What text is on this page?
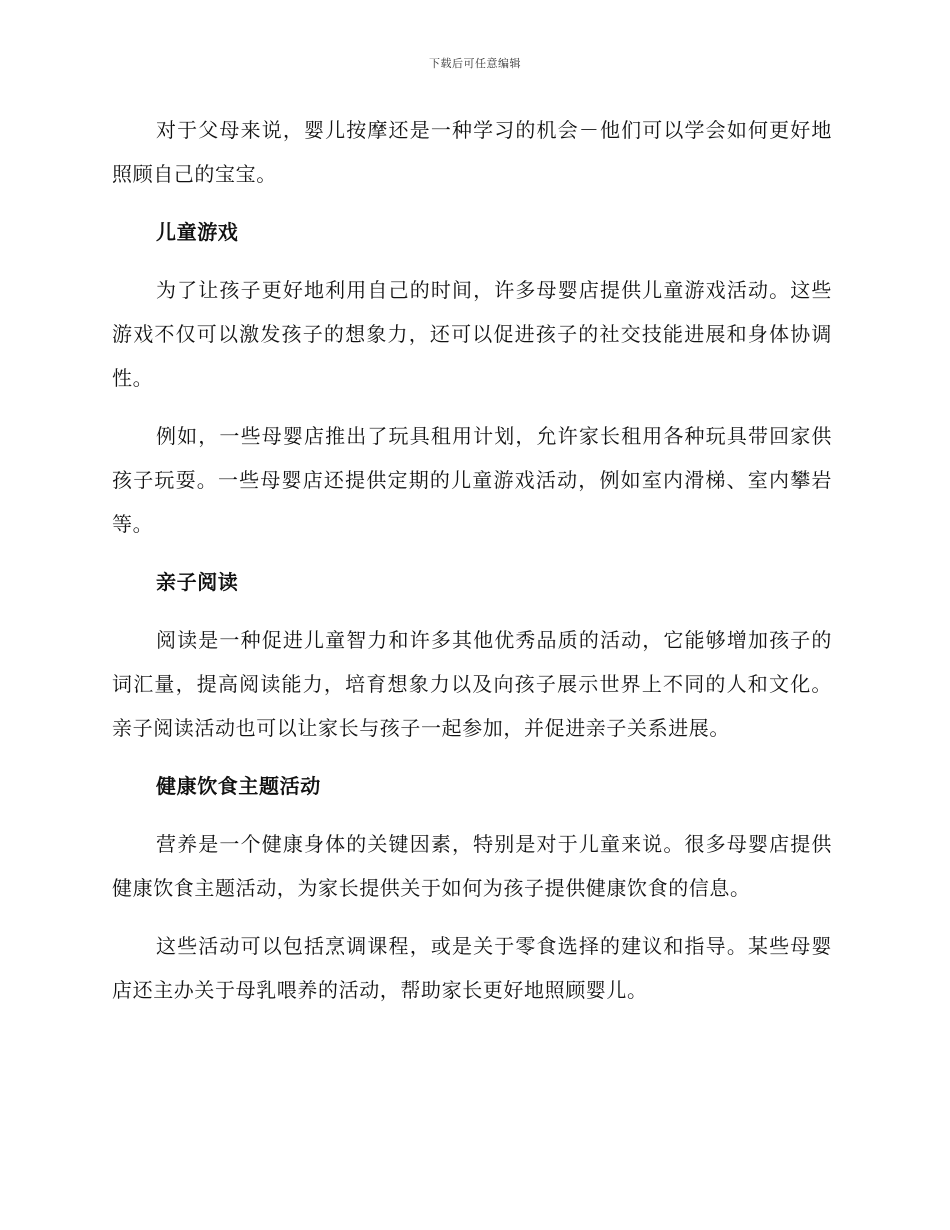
下载后可任意编辑

对于父母来说，婴儿按摩还是一种学习的机会－他们可以学会如何更好地照顾自己的宝宝。

儿童游戏

为了让孩子更好地利用自己的时间，许多母婴店提供儿童游戏活动。这些游戏不仅可以激发孩子的想象力，还可以促进孩子的社交技能进展和身体协调性。

例如，一些母婴店推出了玩具租用计划，允许家长租用各种玩具带回家供孩子玩耍。一些母婴店还提供定期的儿童游戏活动，例如室内滑梯、室内攀岩等。

亲子阅读

阅读是一种促进儿童智力和许多其他优秀品质的活动，它能够增加孩子的词汇量，提高阅读能力，培育想象力以及向孩子展示世界上不同的人和文化。亲子阅读活动也可以让家长与孩子一起参加，并促进亲子关系进展。

健康饮食主题活动

营养是一个健康身体的关键因素，特别是对于儿童来说。很多母婴店提供健康饮食主题活动，为家长提供关于如何为孩子提供健康饮食的信息。

这些活动可以包括烹调课程，或是关于零食选择的建议和指导。某些母婴店还主办关于母乳喂养的活动，帮助家长更好地照顾婴儿。
